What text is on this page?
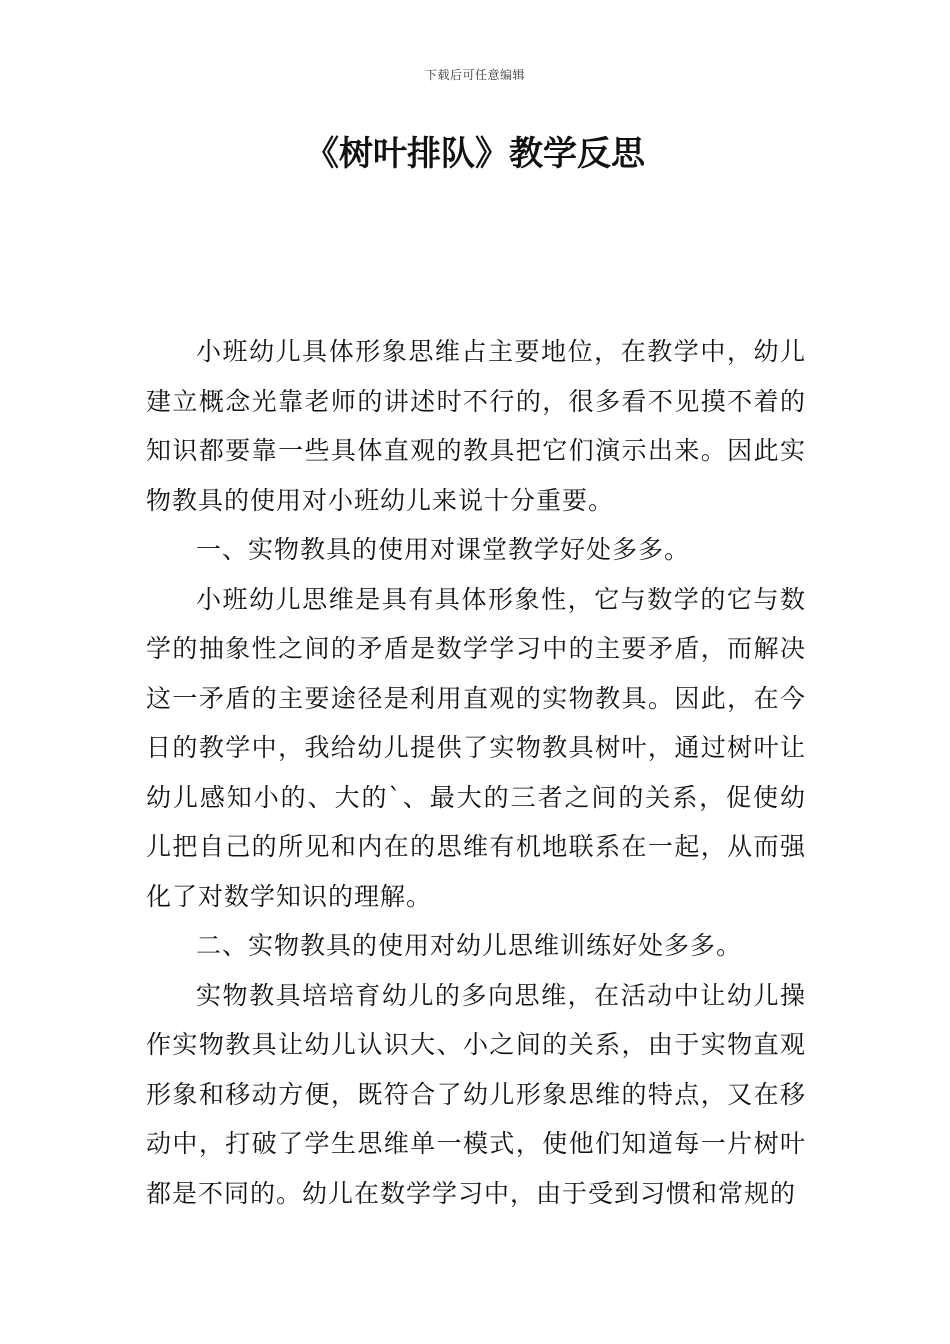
下载后可任意编辑
《树叶排队》教学反思

小班幼儿具体形象思维占主要地位，在教学中，幼儿建立概念光靠老师的讲述时不行的，很多看不见摸不着的知识都要靠一些具体直观的教具把它们演示出来。因此实物教具的使用对小班幼儿来说十分重要。

一、实物教具的使用对课堂教学好处多多。

小班幼儿思维是具有具体形象性，它与数学的它与数学的抽象性之间的矛盾是数学学习中的主要矛盾，而解决这一矛盾的主要途径是利用直观的实物教具。因此，在今日的教学中，我给幼儿提供了实物教具树叶，通过树叶让幼儿感知小的、大的`、最大的三者之间的关系，促使幼儿把自己的所见和内在的思维有机地联系在一起，从而强化了对数学知识的理解。

二、实物教具的使用对幼儿思维训练好处多多。

实物教具培培育幼儿的多向思维，在活动中让幼儿操作实物教具让幼儿认识大、小之间的关系，由于实物直观形象和移动方便，既符合了幼儿形象思维的特点，又在移动中，打破了学生思维单一模式，使他们知道每一片树叶都是不同的。幼儿在数学学习中，由于受到习惯和常规的
